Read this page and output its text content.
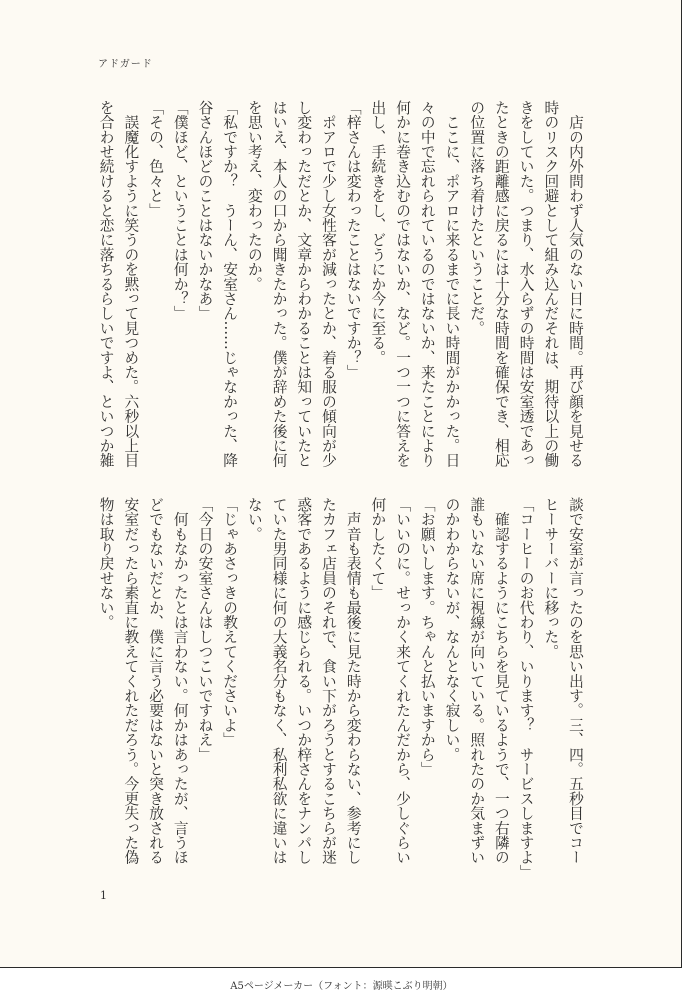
アドガード
　店の内外問わず人気のない日に時間。再び顔を見せる
時のリスク回避として組み込んだそれは、期待以上の働
きをしていた。つまり、水入らずの時間は安室透であっ
たときの距離感に戻るには十分な時間を確保でき、相応
の位置に落ち着けたということだ。
　ここに、ポアロに来るまでに長い時間がかかった。日
々の中で忘れられているのではないか、来たことにより
何かに巻き込むのではないか、など。一つ一つに答えを
出し、手続きをし、どうにか今に至る。
「梓さんは変わったことはないですか？」
　ポアロで少し女性客が減ったとか、着る服の傾向が少
し変わっただとか、文章からわかることは知っていたと
はいえ、本人の口から聞きたかった。僕が辞めた後に何
を思い考え、変わったのか。
「私ですか？　うーん、安室さん……じゃなかった、降
谷さんほどのことはないかなあ」
「僕ほど、ということは何か？」
「その、色々と」
　誤魔化すように笑うのを黙って見つめた。六秒以上目
を合わせ続けると恋に落ちるらしいですよ、といつか雑
談で安室が言ったのを思い出す。三、四。五秒目でコー
ヒーサーバーに移った。
「コーヒーのお代わり、いります？　サービスしますよ」
　確認するようにこちらを見ているようで、一つ右隣の
誰もいない席に視線が向いている。照れたのか気まずい
のかわからないが、なんとなく寂しい。
「お願いします。ちゃんと払いますから」
「いいのに。せっかく来てくれたんだから、少しぐらい
何かしたくて」
　声音も表情も最後に見た時から変わらない、参考にし
たカフェ店員のそれで、食い下がろうとするこちらが迷
惑客であるように感じられる。いつか梓さんをナンパし
ていた男同様に何の大義名分もなく、私利私欲に違いは
ない。
「じゃあさっきの教えてくださいよ」
「今日の安室さんはしつこいですねえ」
　何もなかったとは言わない。何かはあったが、言うほ
どでもないだとか、僕に言う必要はないと突き放される
安室だったら素直に教えてくれただろう。今更失った偽
物は取り戻せない。
1
A5ページメーカー（フォント：源暎こぶり明朝）
